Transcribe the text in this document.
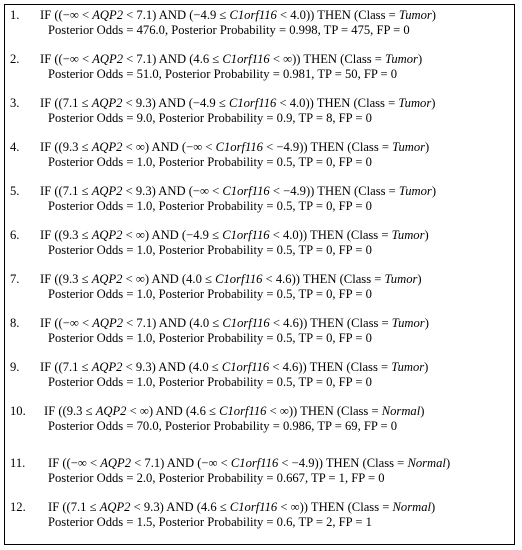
1. IF ((−∞ < AQP2 < 7.1) AND (−4.9 ≤ C1orf116 < 4.0)) THEN (Class = Tumor)
Posterior Odds = 476.0, Posterior Probability = 0.998, TP = 475, FP = 0
2. IF ((−∞ < AQP2 < 7.1) AND (4.6 ≤ C1orf116 < ∞)) THEN (Class = Tumor)
Posterior Odds = 51.0, Posterior Probability = 0.981, TP = 50, FP = 0
3. IF ((7.1 ≤ AQP2 < 9.3) AND (−4.9 ≤ C1orf116 < 4.0)) THEN (Class = Tumor)
Posterior Odds = 9.0, Posterior Probability = 0.9, TP = 8, FP = 0
4. IF ((9.3 ≤ AQP2 < ∞) AND (−∞ < C1orf116 < −4.9)) THEN (Class = Tumor)
Posterior Odds = 1.0, Posterior Probability = 0.5, TP = 0, FP = 0
5. IF ((7.1 ≤ AQP2 < 9.3) AND (−∞ < C1orf116 < −4.9)) THEN (Class = Tumor)
Posterior Odds = 1.0, Posterior Probability = 0.5, TP = 0, FP = 0
6. IF ((9.3 ≤ AQP2 < ∞) AND (−4.9 ≤ C1orf116 < 4.0)) THEN (Class = Tumor)
Posterior Odds = 1.0, Posterior Probability = 0.5, TP = 0, FP = 0
7. IF ((9.3 ≤ AQP2 < ∞) AND (4.0 ≤ C1orf116 < 4.6)) THEN (Class = Tumor)
Posterior Odds = 1.0, Posterior Probability = 0.5, TP = 0, FP = 0
8. IF ((−∞ < AQP2 < 7.1) AND (4.0 ≤ C1orf116 < 4.6)) THEN (Class = Tumor)
Posterior Odds = 1.0, Posterior Probability = 0.5, TP = 0, FP = 0
9. IF ((7.1 ≤ AQP2 < 9.3) AND (4.0 ≤ C1orf116 < 4.6)) THEN (Class = Tumor)
Posterior Odds = 1.0, Posterior Probability = 0.5, TP = 0, FP = 0
10. IF ((9.3 ≤ AQP2 < ∞) AND (4.6 ≤ C1orf116 < ∞)) THEN (Class = Normal)
Posterior Odds = 70.0, Posterior Probability = 0.986, TP = 69, FP = 0
11. IF ((−∞ < AQP2 < 7.1) AND (−∞ < C1orf116 < −4.9)) THEN (Class = Normal)
Posterior Odds = 2.0, Posterior Probability = 0.667, TP = 1, FP = 0
12. IF ((7.1 ≤ AQP2 < 9.3) AND (4.6 ≤ C1orf116 < ∞)) THEN (Class = Normal)
Posterior Odds = 1.5, Posterior Probability = 0.6, TP = 2, FP = 1
